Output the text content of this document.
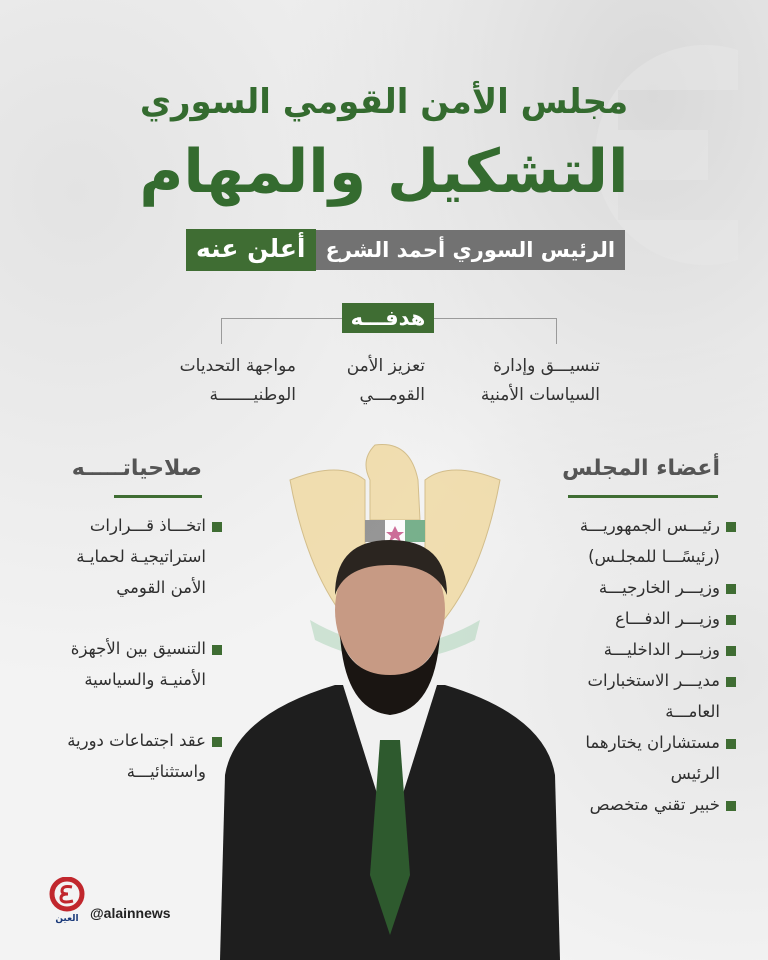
مجلس الأمن القومي السوري
التشكيل والمهام
أعلن عنه الرئيس السوري أحمد الشرع
هدفـــه
تنسيـــق وإدارة
السياسات الأمنية
تعزيز الأمن
القومـــي
مواجهة التحديات
الوطنيـــــــة
أعضاء المجلس
رئيـــس الجمهوريـــة (رئيسًـــا للمجلـس)
وزيـــر الخارجيـــة
وزيـــر الدفـــاع
وزيـــر الداخليـــة
مديـــر الاستخبارات العامـــة
مستشاران يختارهما الرئيس
خبير تقني متخصص
صلاحياتـــــه
اتخـــاذ قـــرارات استراتيجيـة لحمايـة الأمن القومي
التنسيق بين الأجهزة الأمنيـة والسياسية
عقد اجتماعات دورية واستثنائيـــة
العين @alainnews
